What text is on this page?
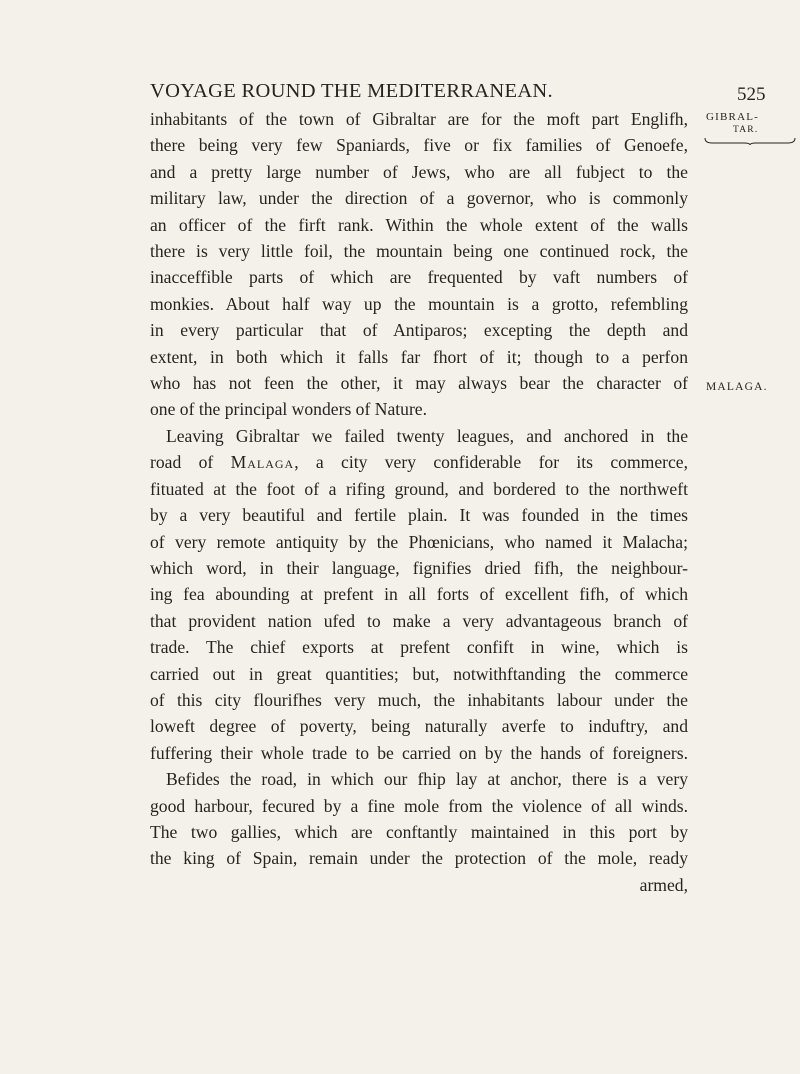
VOYAGE ROUND THE MEDITERRANEAN.	525
GIBRAL-
TAR.
MALAGA.
inhabitants of the town of Gibraltar are for the moft part Englifh,
there being very few Spaniards, five or fix families of Genoefe,
and a pretty large number of Jews, who are all fubject to the
military law, under the direction of a governor, who is commonly
an officer of the firft rank. Within the whole extent of the walls
there is very little foil, the mountain being one continued rock, the
inacceffible parts of which are frequented by vaft numbers of
monkies. About half way up the mountain is a grotto, refembling
in every particular that of Antiparos; excepting the depth and
extent, in both which it falls far fhort of it; though to a perfon
who has not feen the other, it may always bear the character of
one of the principal wonders of Nature.
Leaving Gibraltar we failed twenty leagues, and anchored in the
road of Malaga, a city very confiderable for its commerce,
fituated at the foot of a rifing ground, and bordered to the northweft
by a very beautiful and fertile plain. It was founded in the times
of very remote antiquity by the Phœnicians, who named it Malacha;
which word, in their language, fignifies dried fifh, the neighbour-
ing fea abounding at prefent in all forts of excellent fifh, of which
that provident nation ufed to make a very advantageous branch of
trade. The chief exports at prefent confift in wine, which is
carried out in great quantities; but, notwithftanding the commerce
of this city flourifhes very much, the inhabitants labour under the
loweft degree of poverty, being naturally averfe to induftry, and
fuffering their whole trade to be carried on by the hands of foreigners.
Befides the road, in which our fhip lay at anchor, there is a very
good harbour, fecured by a fine mole from the violence of all winds.
The two gallies, which are conftantly maintained in this port by
the king of Spain, remain under the protection of the mole, ready
armed,
